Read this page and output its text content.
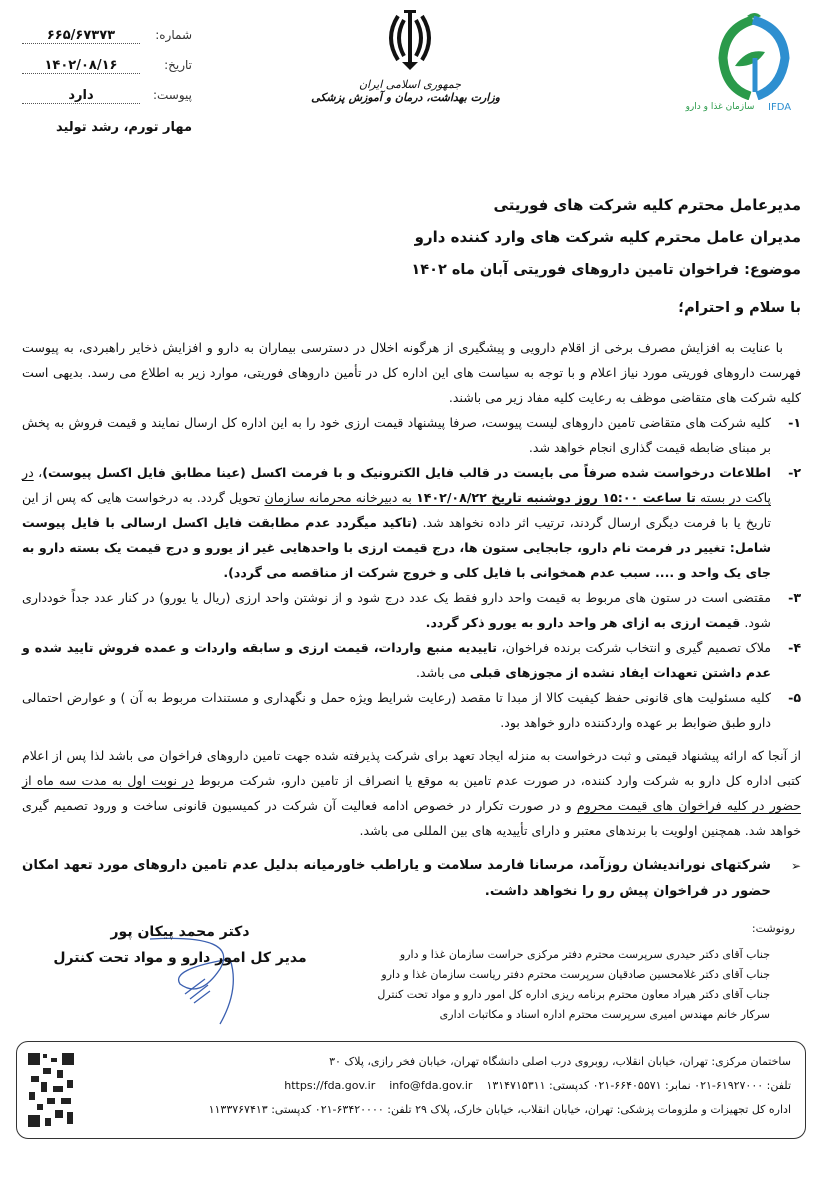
شماره:
۶۶۵/۶۷۳۷۳
تاریخ:
۱۴۰۲/۰۸/۱۶
پیوست:
دارد
مهار تورم، رشد تولید
جمهوری اسلامی ایران
وزارت بهداشت، درمان و آموزش پزشکی
سازمان غذا و دارو	IFDA
مدیرعامل محترم کلیه شرکت های فوریتی
مدیران عامل محترم کلیه شرکت های وارد کننده دارو
موضوع: فراخوان تامین داروهای فوریتی آبان ماه ۱۴۰۲
با سلام و احترام؛
با عنایت به افزایش مصرف برخی از اقلام دارویی و پیشگیری از هرگونه اخلال در دسترسی بیماران به دارو و افزایش ذخایر راهبردی، به پیوست فهرست داروهای فوریتی مورد نیاز اعلام و با توجه به سیاست های این اداره کل در تأمین داروهای فوریتی، موارد زیر به اطلاع می رسد. بدیهی است کلیه شرکت های متقاضی موظف به رعایت کلیه مفاد زیر می باشند.
۱-
کلیه شرکت های متقاضی تامین داروهای لیست پیوست، صرفا پیشنهاد قیمت ارزی خود را به این اداره کل ارسال نمایند و قیمت فروش به پخش بر مبنای ضابطه قیمت گذاری انجام خواهد شد.
۲-
اطلاعات درخواست شده صرفاً می بایست در قالب فایل الکترونیک و با فرمت اکسل (عینا مطابق فایل اکسل پیوست)، در پاکت در بسته تا ساعت ۱۵:۰۰ روز دوشنبه تاریخ ۱۴۰۲/۰۸/۲۲ به دبیرخانه محرمانه سازمان تحویل گردد. به درخواست هایی که پس از این تاریخ یا با فرمت دیگری ارسال گردند، ترتیب اثر داده نخواهد شد. (تاکید میگردد عدم مطابقت فایل اکسل ارسالی با فایل پیوست شامل: تغییر در فرمت نام دارو، جابجایی ستون ها، درج قیمت ارزی با واحدهایی غیر از یورو و درج قیمت یک بسته دارو به جای یک واحد و .... سبب عدم همخوانی با فایل کلی و خروج شرکت از مناقصه می گردد).
۳-
مقتضی است در ستون های مربوط به قیمت واحد دارو فقط یک عدد درج شود و از نوشتن واحد ارزی (ریال یا یورو) در کنار عدد جداً خودداری شود. قیمت ارزی به ازای هر واحد دارو به یورو ذکر گردد.
۴-
ملاک تصمیم گیری و انتخاب شرکت برنده فراخوان، تاییدیه منبع واردات، قیمت ارزی و سابقه واردات و عمده فروش تایید شده و عدم داشتن تعهدات ایفاد نشده از مجوزهای قبلی می باشد.
۵-
کلیه مسئولیت های قانونی حفظ کیفیت کالا از مبدا تا مقصد (رعایت شرایط ویژه حمل و نگهداری و مستندات مربوط به آن ) و عوارض احتمالی دارو طبق ضوابط بر عهده واردکننده دارو خواهد بود.
از آنجا که ارائه پیشنهاد قیمتی و ثبت درخواست به منزله ایجاد تعهد برای شرکت پذیرفته شده جهت تامین داروهای فراخوان می باشد لذا پس از اعلام کتبی اداره کل دارو به شرکت وارد کننده، در صورت عدم تامین به موقع یا انصراف از تامین دارو، شرکت مربوط در نوبت اول به مدت سه ماه از حضور در کلیه فراخوان های قیمت محروم و در صورت تکرار در خصوص ادامه فعالیت آن شرکت در کمیسیون قانونی ساخت و ورود تصمیم گیری خواهد شد. همچنین اولویت با برندهای معتبر و دارای تأییدیه های بین المللی می باشد.
➢
شرکتهای نوراندیشان روزآمد، مرسانا فارمد سلامت و یاراطب خاورمیانه بدلیل عدم تامین داروهای مورد تعهد امکان حضور در فراخوان پیش رو را نخواهد داشت.
رونوشت:
جناب آقای دکتر حیدری سرپرست محترم دفتر مرکزی حراست سازمان غذا و دارو
جناب آقای دکتر غلامحسین صادقیان سرپرست محترم دفتر ریاست سازمان غذا و دارو
جناب آقای دکتر هیراد معاون محترم برنامه ریزی اداره کل امور دارو و مواد تحت کنترل
سرکار خانم مهندس امیری سرپرست محترم اداره اسناد و مکاتبات اداری
دکتر محمد پیکان پور
مدیر کل امور دارو و مواد تحت کنترل
ساختمان مرکزی: تهران، خیابان انقلاب، روبروی درب اصلی دانشگاه تهران، خیابان فخر رازی، پلاک ۳۰
تلفن: ۶۱۹۲۷۰۰۰-۰۲۱ نمابر: ۶۶۴۰۵۵۷۱-۰۲۱ کدپستی: ۱۳۱۴۷۱۵۳۱۱    info@fda.gov.ir    https://fda.gov.ir
اداره کل تجهیزات و ملزومات پزشکی: تهران، خیابان انقلاب، خیابان خارک، پلاک ۲۹ تلفن: ۶۳۴۲۰۰۰۰-۰۲۱ کدپستی: ۱۱۳۳۷۶۷۴۱۳
